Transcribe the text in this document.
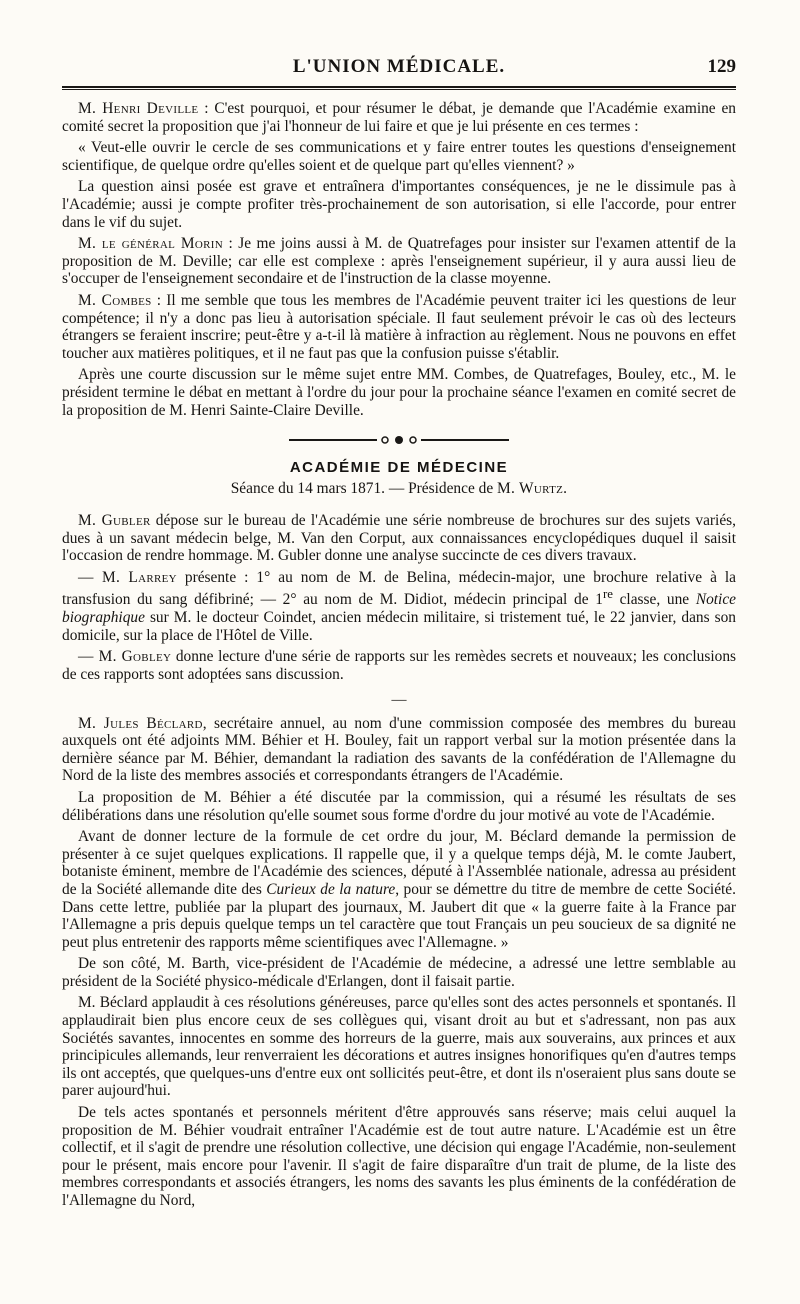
L'UNION MÉDICALE.	129

M. Henri Deville : C'est pourquoi, et pour résumer le débat, je demande que l'Académie examine en comité secret la proposition que j'ai l'honneur de lui faire et que je lui présente en ces termes :

« Veut-elle ouvrir le cercle de ses communications et y faire entrer toutes les questions d'enseignement scientifique, de quelque ordre qu'elles soient et de quelque part qu'elles viennent? »

La question ainsi posée est grave et entraînera d'importantes conséquences, je ne le dissimule pas à l'Académie; aussi je compte profiter très-prochainement de son autorisation, si elle l'accorde, pour entrer dans le vif du sujet.

M. le général Morin : Je me joins aussi à M. de Quatrefages pour insister sur l'examen attentif de la proposition de M. Deville; car elle est complexe : après l'enseignement supérieur, il y aura aussi lieu de s'occuper de l'enseignement secondaire et de l'instruction de la classe moyenne.

M. Combes : Il me semble que tous les membres de l'Académie peuvent traiter ici les questions de leur compétence; il n'y a donc pas lieu à autorisation spéciale. Il faut seulement prévoir le cas où des lecteurs étrangers se feraient inscrire; peut-être y a-t-il là matière à infraction au règlement. Nous ne pouvons en effet toucher aux matières politiques, et il ne faut pas que la confusion puisse s'établir.

Après une courte discussion sur le même sujet entre MM. Combes, de Quatrefages, Bouley, etc., M. le président termine le débat en mettant à l'ordre du jour pour la prochaine séance l'examen en comité secret de la proposition de M. Henri Sainte-Claire Deville.

ACADÉMIE DE MÉDECINE
Séance du 14 mars 1871. — Présidence de M. Wurtz.

M. Gubler dépose sur le bureau de l'Académie une série nombreuse de brochures sur des sujets variés, dues à un savant médecin belge, M. Van den Corput, aux connaissances encyclopédiques duquel il saisit l'occasion de rendre hommage. M. Gubler donne une analyse succincte de ces divers travaux.

— M. Larrey présente : 1° au nom de M. de Belina, médecin-major, une brochure relative à la transfusion du sang défibriné; — 2° au nom de M. Didiot, médecin principal de 1re classe, une Notice biographique sur M. le docteur Coindet, ancien médecin militaire, si tristement tué, le 22 janvier, dans son domicile, sur la place de l'Hôtel de Ville.

— M. Gobley donne lecture d'une série de rapports sur les remèdes secrets et nouveaux; les conclusions de ces rapports sont adoptées sans discussion.

—

M. Jules Béclard, secrétaire annuel, au nom d'une commission composée des membres du bureau auxquels ont été adjoints MM. Béhier et H. Bouley, fait un rapport verbal sur la motion présentée dans la dernière séance par M. Béhier, demandant la radiation des savants de la confédération de l'Allemagne du Nord de la liste des membres associés et correspondants étrangers de l'Académie.

La proposition de M. Béhier a été discutée par la commission, qui a résumé les résultats de ses délibérations dans une résolution qu'elle soumet sous forme d'ordre du jour motivé au vote de l'Académie.

Avant de donner lecture de la formule de cet ordre du jour, M. Béclard demande la permission de présenter à ce sujet quelques explications. Il rappelle que, il y a quelque temps déjà, M. le comte Jaubert, botaniste éminent, membre de l'Académie des sciences, député à l'Assemblée nationale, adressa au président de la Société allemande dite des Curieux de la nature, pour se démettre du titre de membre de cette Société. Dans cette lettre, publiée par la plupart des journaux, M. Jaubert dit que « la guerre faite à la France par l'Allemagne a pris depuis quelque temps un tel caractère que tout Français un peu soucieux de sa dignité ne peut plus entretenir des rapports même scientifiques avec l'Allemagne. »

De son côté, M. Barth, vice-président de l'Académie de médecine, a adressé une lettre semblable au président de la Société physico-médicale d'Erlangen, dont il faisait partie.

M. Béclard applaudit à ces résolutions généreuses, parce qu'elles sont des actes personnels et spontanés. Il applaudirait bien plus encore ceux de ses collègues qui, visant droit au but et s'adressant, non pas aux Sociétés savantes, innocentes en somme des horreurs de la guerre, mais aux souverains, aux princes et aux principicules allemands, leur renverraient les décorations et autres insignes honorifiques qu'en d'autres temps ils ont acceptés, que quelques-uns d'entre eux ont sollicités peut-être, et dont ils n'oseraient plus sans doute se parer aujourd'hui.

De tels actes spontanés et personnels méritent d'être approuvés sans réserve; mais celui auquel la proposition de M. Béhier voudrait entraîner l'Académie est de tout autre nature. L'Académie est un être collectif, et il s'agit de prendre une résolution collective, une décision qui engage l'Académie, non-seulement pour le présent, mais encore pour l'avenir. Il s'agit de faire disparaître d'un trait de plume, de la liste des membres correspondants et associés étrangers, les noms des savants les plus éminents de la confédération de l'Allemagne du Nord,
